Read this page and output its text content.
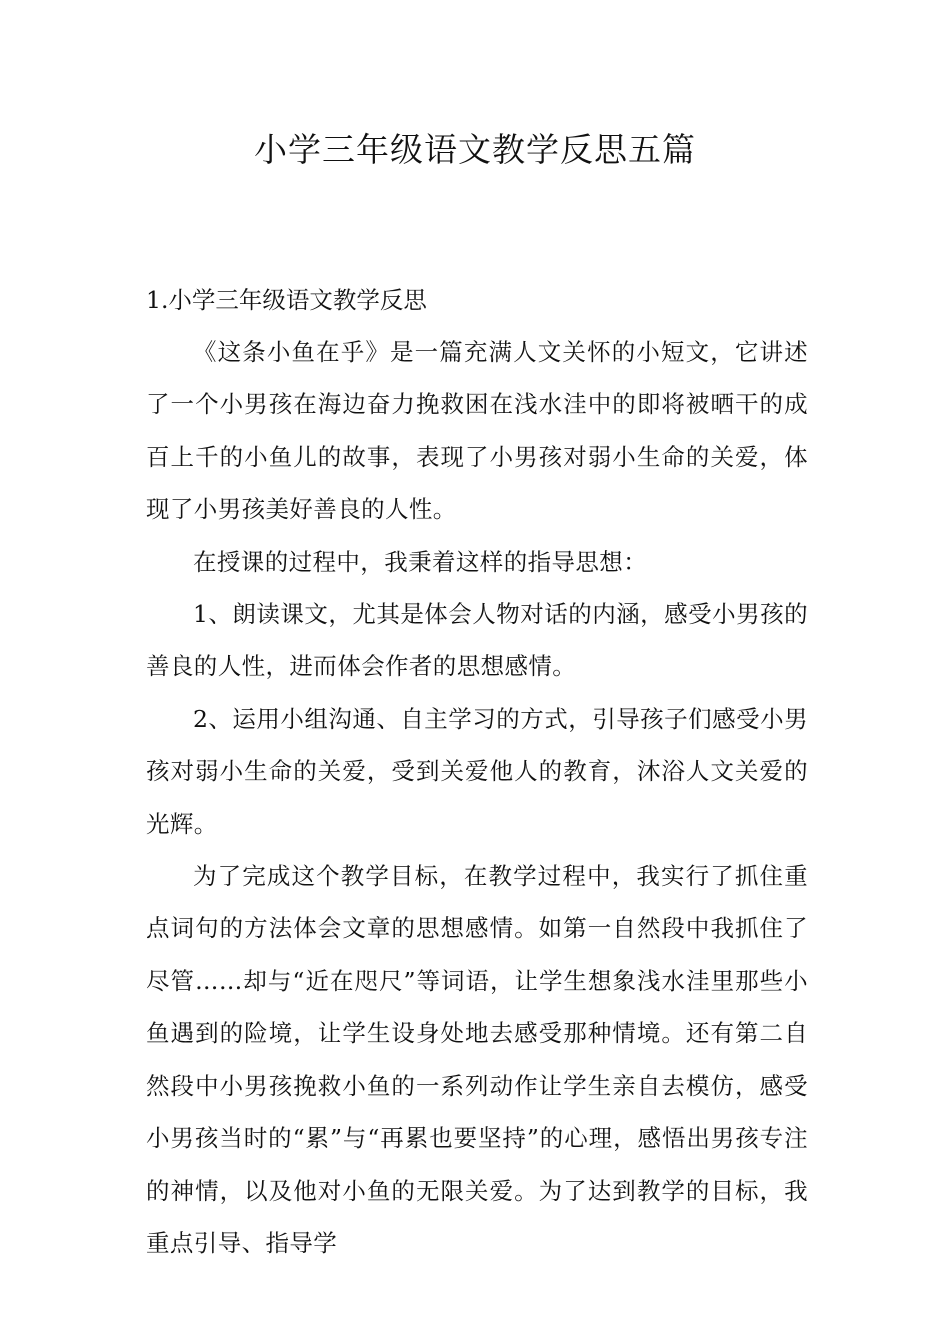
小学三年级语文教学反思五篇

1.小学三年级语文教学反思

《这条小鱼在乎》是一篇充满人文关怀的小短文，它讲述了一个小男孩在海边奋力挽救困在浅水洼中的即将被晒干的成百上千的小鱼儿的故事，表现了小男孩对弱小生命的关爱，体现了小男孩美好善良的人性。

在授课的过程中，我秉着这样的指导思想：

1、朗读课文，尤其是体会人物对话的内涵，感受小男孩的善良的人性，进而体会作者的思想感情。

2、运用小组沟通、自主学习的方式，引导孩子们感受小男孩对弱小生命的关爱，受到关爱他人的教育，沐浴人文关爱的光辉。

为了完成这个教学目标，在教学过程中，我实行了抓住重点词句的方法体会文章的思想感情。如第一自然段中我抓住了尽管……却与“近在咫尺”等词语，让学生想象浅水洼里那些小鱼遇到的险境，让学生设身处地去感受那种情境。还有第二自然段中小男孩挽救小鱼的一系列动作让学生亲自去模仿，感受小男孩当时的“累”与“再累也要坚持”的心理，感悟出男孩专注的神情，以及他对小鱼的无限关爱。为了达到教学的目标，我重点引导、指导学
